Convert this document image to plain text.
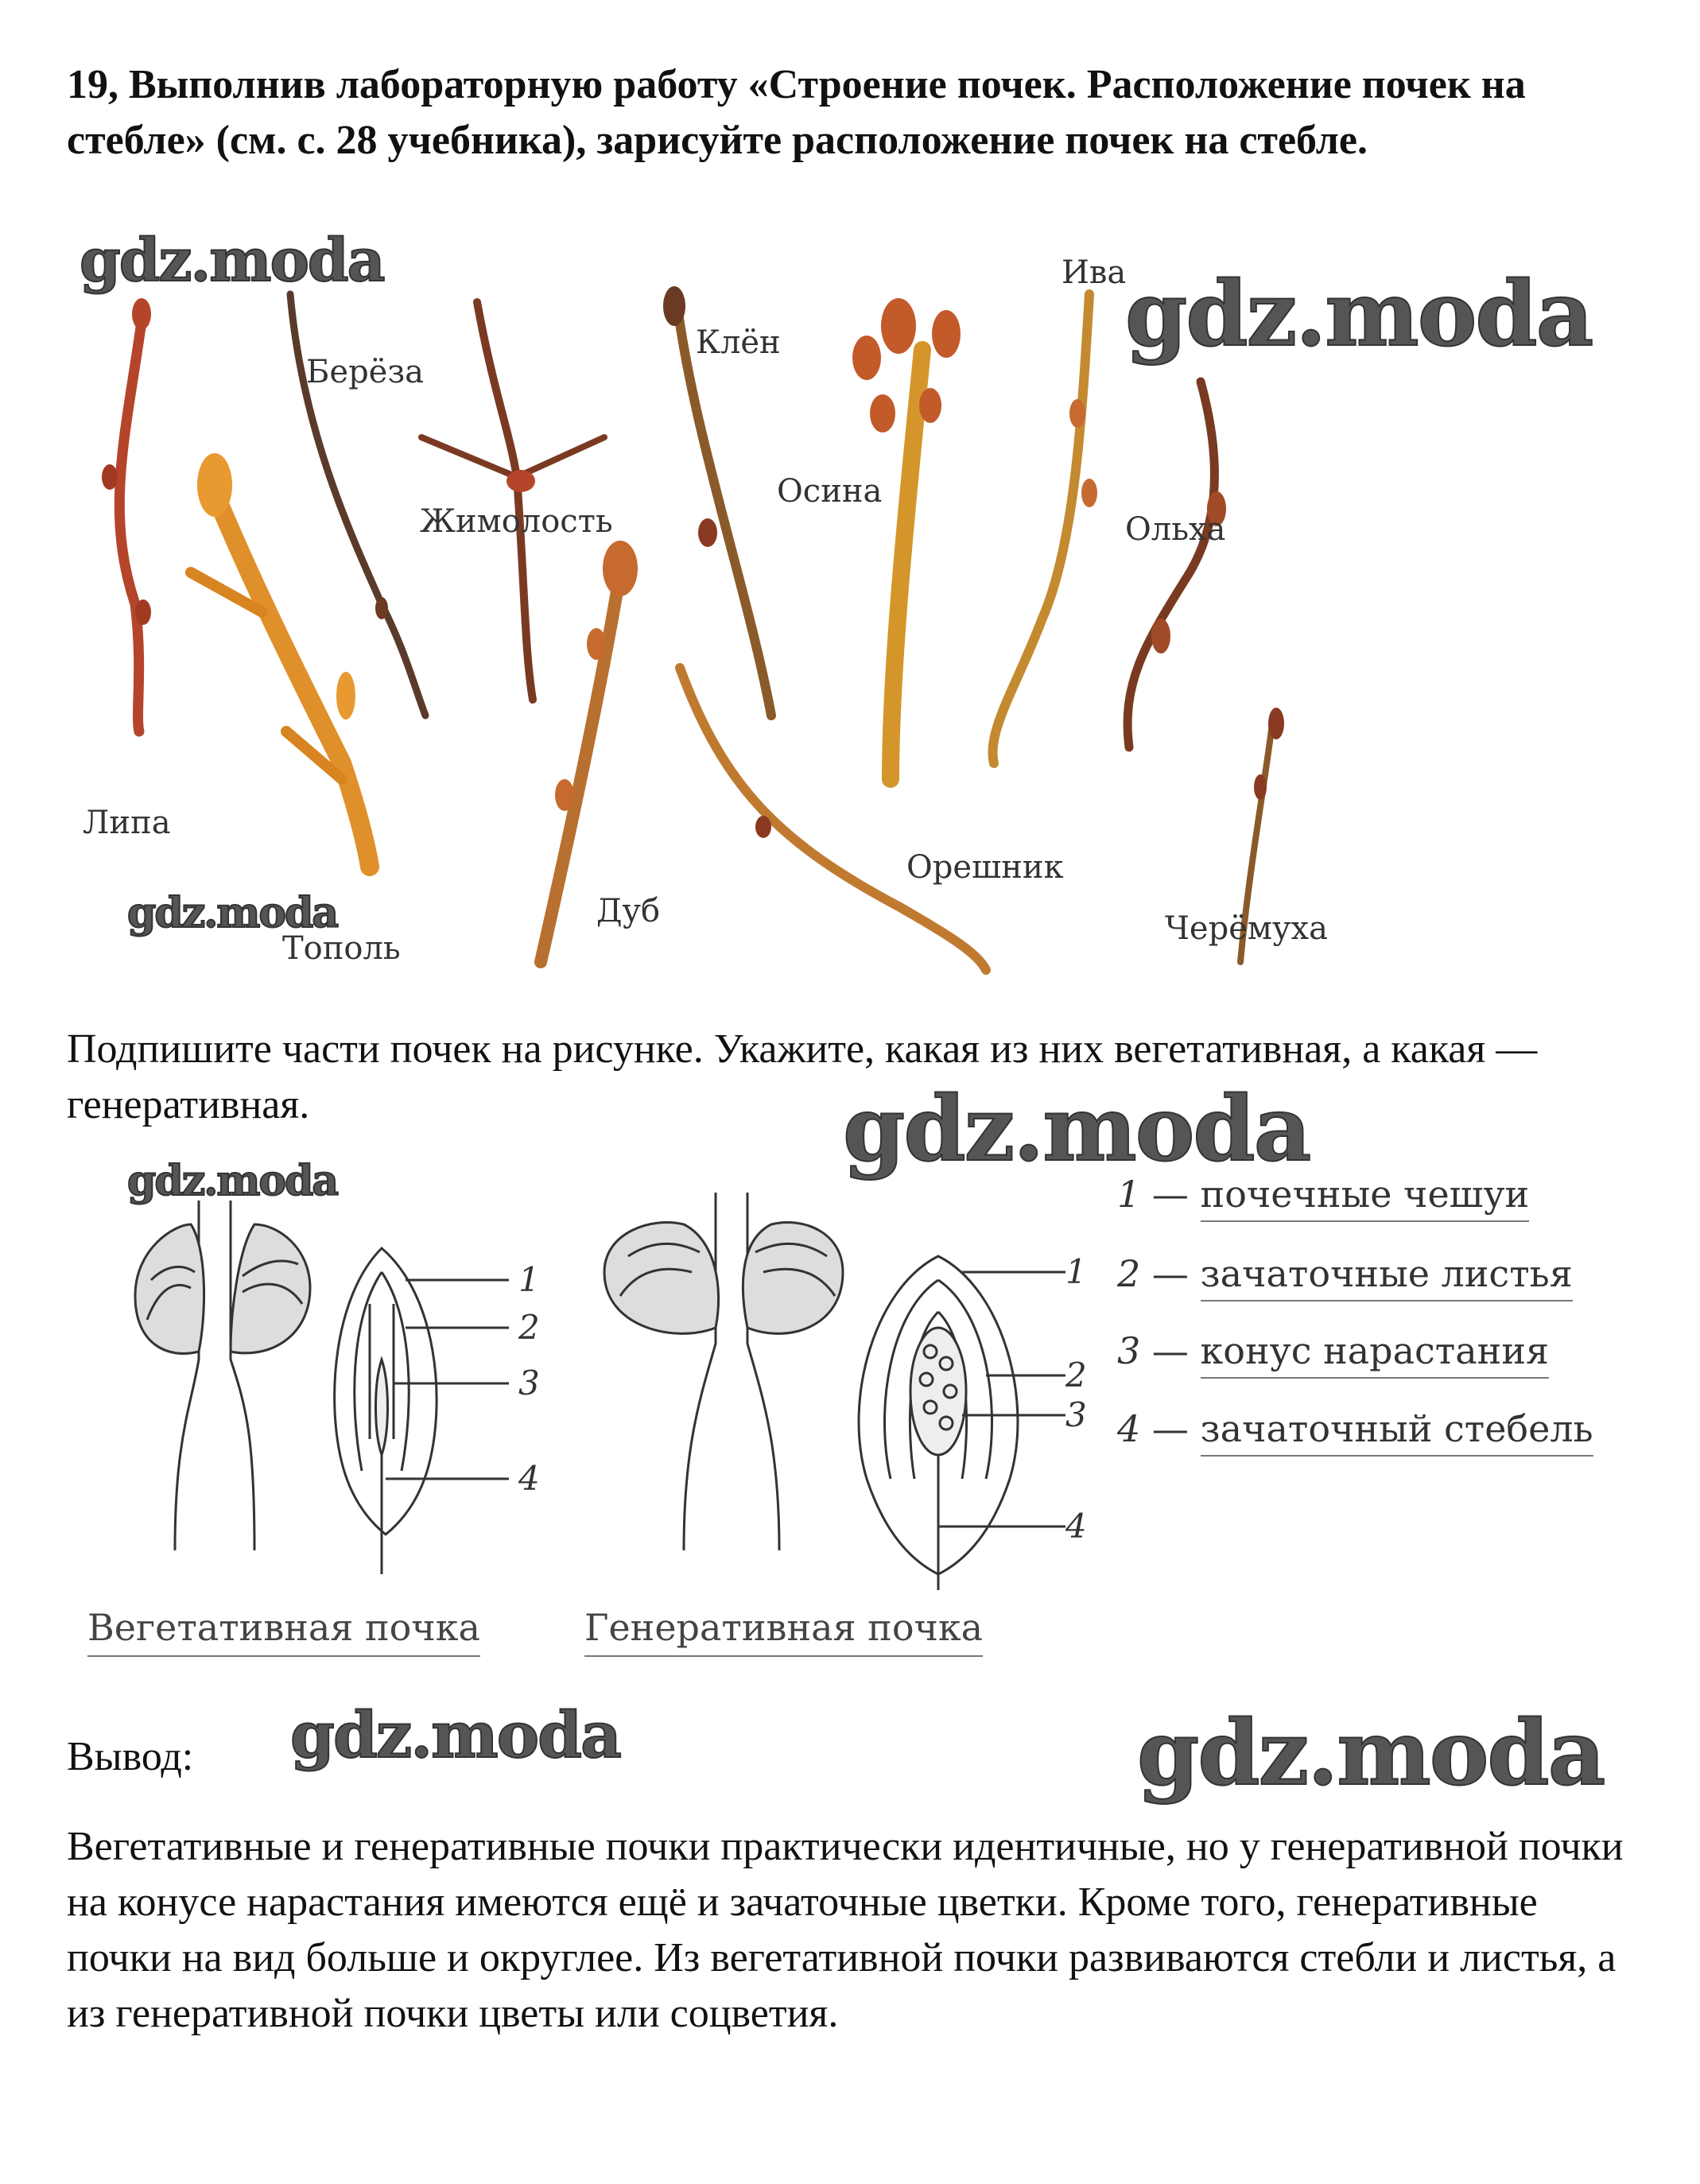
19, Выполнив лабораторную работу «Строение почек. Расположение почек на стебле» (см. с. 28 учебника), зарисуйте расположение почек на стебле.
gdz.moda
gdz.moda
gdz.moda
gdz.moda
gdz.moda
gdz.moda	gdz.moda
Берёза
Клён
Ива
Жимолость
Осина
Ольха
Липа
Тополь
Дуб
Орешник
Черёмуха
Подпишите части почек на рисунке. Укажите, какая из них вегетативная, а какая — генеративная.
1
2
3
4
1
2
3
4
1 — почечные чешуи
2 — зачаточные листья
3 — конус нарастания
4 — зачаточный стебель
Вегетативная почка	Генеративная почка
Вывод:
Вегетативные и генеративные почки практически идентичные, но у генеративной почки на конусе нарастания имеются ещё и зачаточные цветки. Кроме того, генеративные почки на вид больше и округлее. Из вегетативной почки развиваются стебли и листья, а из генеративной почки цветы или соцветия.
